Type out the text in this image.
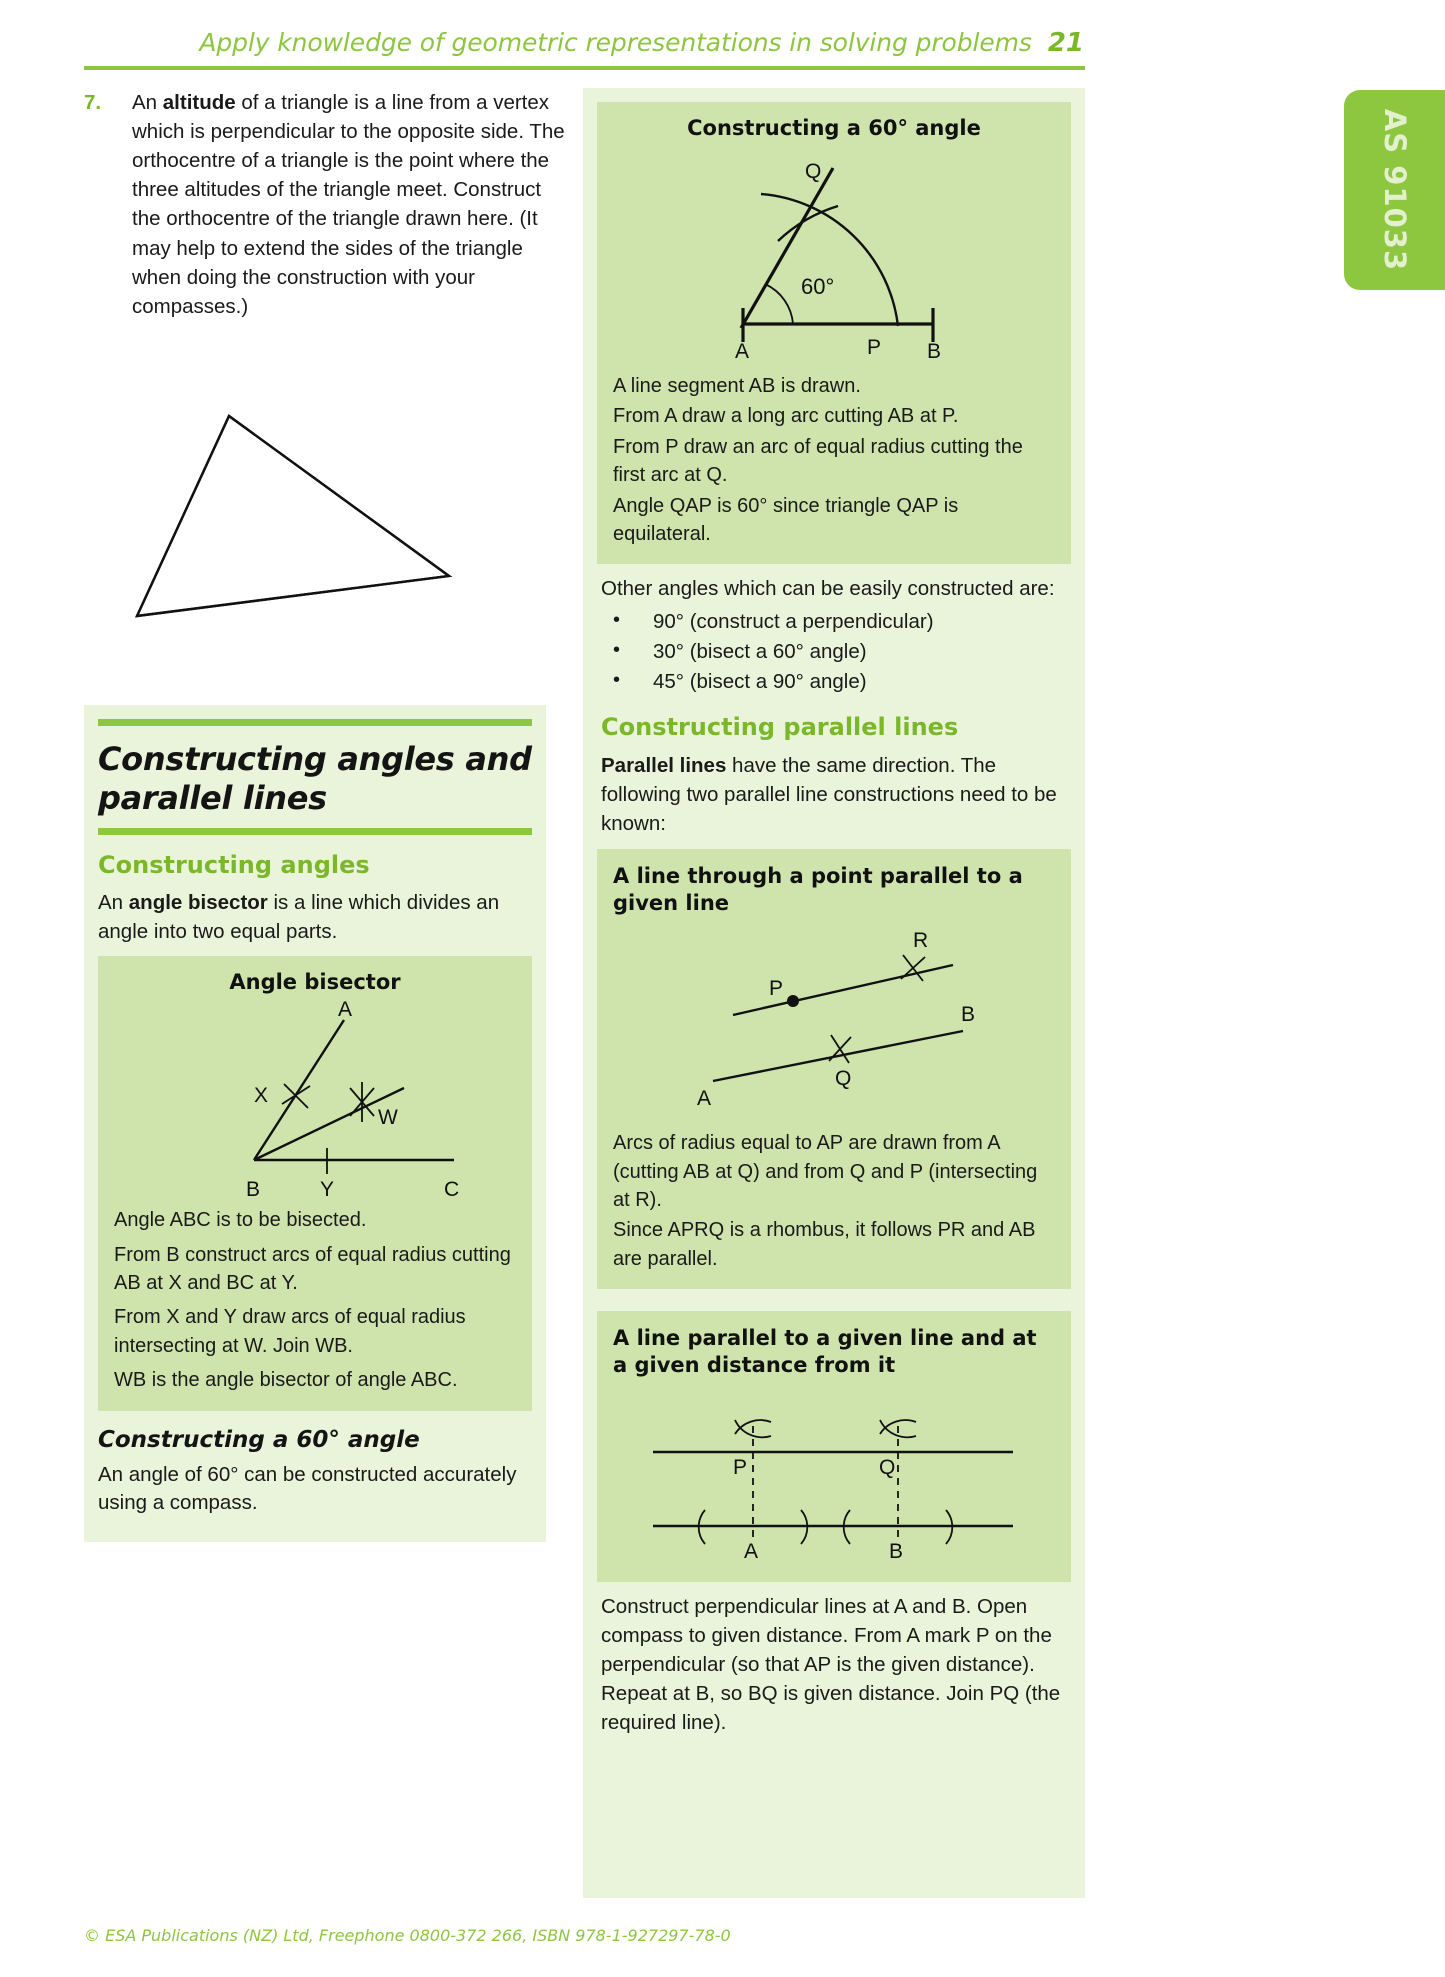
Apply knowledge of geometric representations in solving problems 21
AS 91033
7.	An altitude of a triangle is a line from a vertex which is perpendicular to the opposite side. The orthocentre of a triangle is the point where the three altitudes of the triangle meet. Construct the orthocentre of the triangle drawn here. (It may help to extend the sides of the triangle when doing the construction with your compasses.)
Constructing angles and parallel lines
Constructing angles

An angle bisector is a line which divides an angle into two equal parts.

Angle bisector
A
B	C
X
Y
W

Angle ABC is to be bisected.

From B construct arcs of equal radius cutting AB at X and BC at Y.

From X and Y draw arcs of equal radius intersecting at W. Join WB.

WB is the angle bisector of angle ABC.

Constructing a 60° angle

An angle of 60° can be constructed accurately using a compass.

Constructing a 60° angle
60°
Q
A	P B

A line segment AB is drawn.

From A draw a long arc cutting AB at P.

From P draw an arc of equal radius cutting the first arc at Q.

Angle QAP is 60° since triangle QAP is equilateral.

Other angles which can be easily constructed are:

• 90° (construct a perpendicular)
• 30° (bisect a 60° angle)
• 45° (bisect a 90° angle)
Constructing parallel lines

Parallel lines have the same direction. The following two parallel line constructions need to be known:

A line through a point parallel to a given line
R
P
B
A
Q

Arcs of radius equal to AP are drawn from A (cutting AB at Q) and from Q and P (intersecting at R).

Since APRQ is a rhombus, it follows PR and AB are parallel.

A line parallel to a given line and at a given distance from it
P	Q
A	B

Construct perpendicular lines at A and B. Open compass to given distance. From A mark P on the perpendicular (so that AP is the given distance). Repeat at B, so BQ is given distance. Join PQ (the required line).

© ESA Publications (NZ) Ltd, Freephone 0800-372 266, ISBN 978-1-927297-78-0
